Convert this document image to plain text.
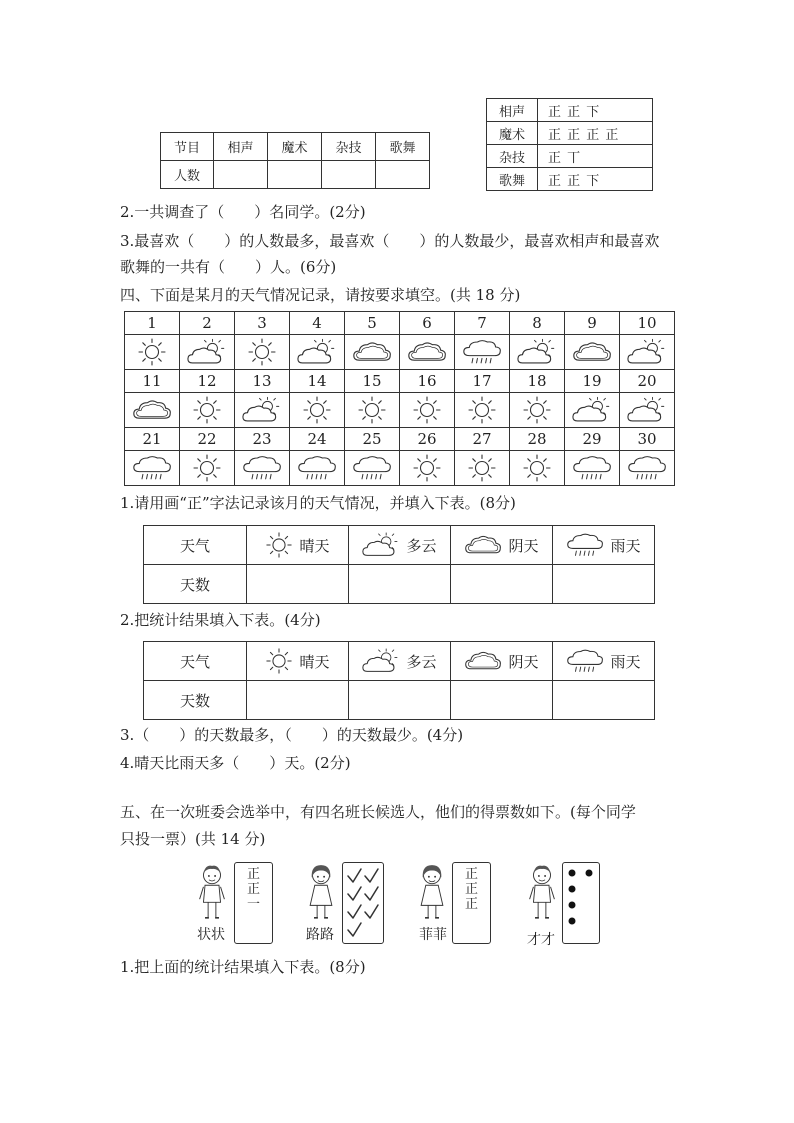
相声	正 正 下
魔术	正 正 正 正
杂技	正 丅
歌舞	正 正 下
节目	相声	魔术	杂技	歌舞
人数				
2.一共调查了（　　）名同学。(2分)
3.最喜欢（　　）的人数最多，最喜欢（　　）的人数最少，最喜欢相声和最喜欢
歌舞的一共有（　　）人。(6分)
四、下面是某月的天气情况记录，请按要求填空。(共 18 分)
1	2	3	4	5	6	7	8	9	10

11	12	13	14	15	16	17	18	19	20

21	22	23	24	25	26	27	28	29	30

1.请用画“正”字法记录该月的天气情况，并填入下表。(8分)
天气	晴天	多云	阴天	雨天

天数				
2.把统计结果填入下表。(4分)
天气	晴天	多云	阴天	雨天

天数				
3.（　　）的天数最多，（　　）的天数最少。(4分)
4.晴天比雨天多（　　）天。(2分)
五、在一次班委会选举中，有四名班长候选人，他们的得票数如下。(每个同学
只投一票）(共 14 分)
状状
正
正
一
路路	菲菲
正
正
正
才才
1.把上面的统计结果填入下表。(8分)
